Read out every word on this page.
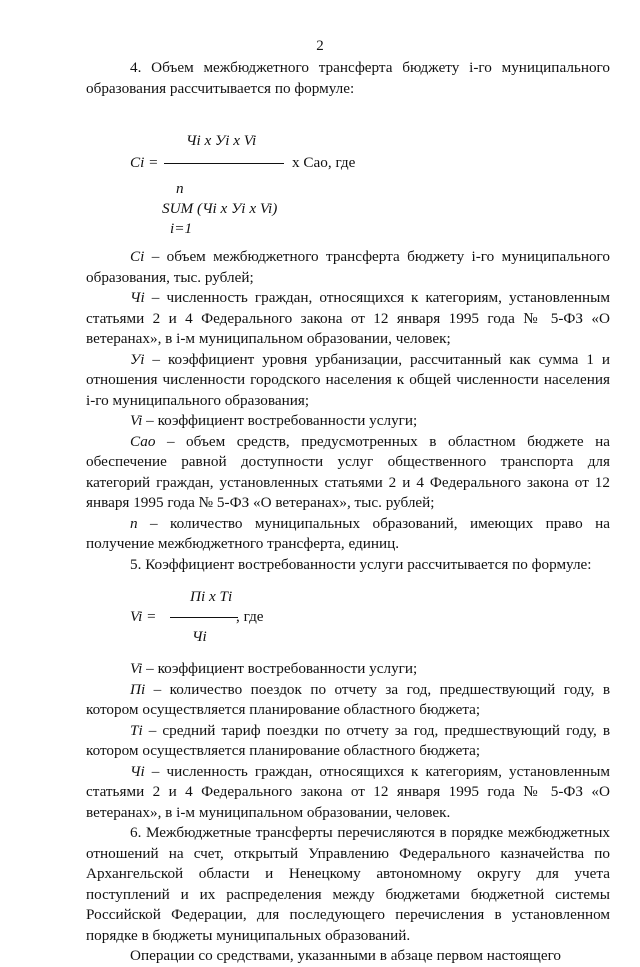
2

4. Объем межбюджетного трансферта бюджету i-го муниципального образования рассчитывается по формуле:

Ci =
Чi х Уi х Vi
х Сао, где
n
SUM (Чi х Уi х Vi)
i=1

Сi – объем межбюджетного трансферта бюджету i-го муниципального образования, тыс. рублей;

Чi – численность граждан, относящихся к категориям, установленным статьями 2 и 4 Федерального закона от 12 января 1995 года № 5-ФЗ «О ветеранах», в i-м муниципальном образовании, человек;

Уi – коэффициент уровня урбанизации, рассчитанный как сумма 1 и отношения численности городского населения к общей численности населения i-го муниципального образования;

Vi – коэффициент востребованности услуги;

Сао – объем средств, предусмотренных в областном бюджете на обеспечение равной доступности услуг общественного транспорта для категорий граждан, установленных статьями 2 и 4 Федерального закона от 12 января 1995 года № 5-ФЗ «О ветеранах», тыс. рублей;

n – количество муниципальных образований, имеющих право на получение межбюджетного трансферта, единиц.

5. Коэффициент востребованности услуги рассчитывается по формуле:

Vi =
Пi х Тi
, где
Чi

Vi – коэффициент востребованности услуги;

Пi – количество поездок по отчету за год, предшествующий году, в котором осуществляется планирование областного бюджета;

Тi – средний тариф поездки по отчету за год, предшествующий году, в котором осуществляется планирование областного бюджета;

Чi – численность граждан, относящихся к категориям, установленным статьями 2 и 4 Федерального закона от 12 января 1995 года № 5-ФЗ «О ветеранах», в i-м муниципальном образовании, человек.

6. Межбюджетные трансферты перечисляются в порядке межбюджетных отношений на счет, открытый Управлению Федерального казначейства по Архангельской области и Ненецкому автономному округу для учета поступлений и их распределения между бюджетами бюджетной системы Российской Федерации, для последующего перечисления в установленном порядке в бюджеты муниципальных образований.

Операции со средствами, указанными в абзаце первом настоящего
